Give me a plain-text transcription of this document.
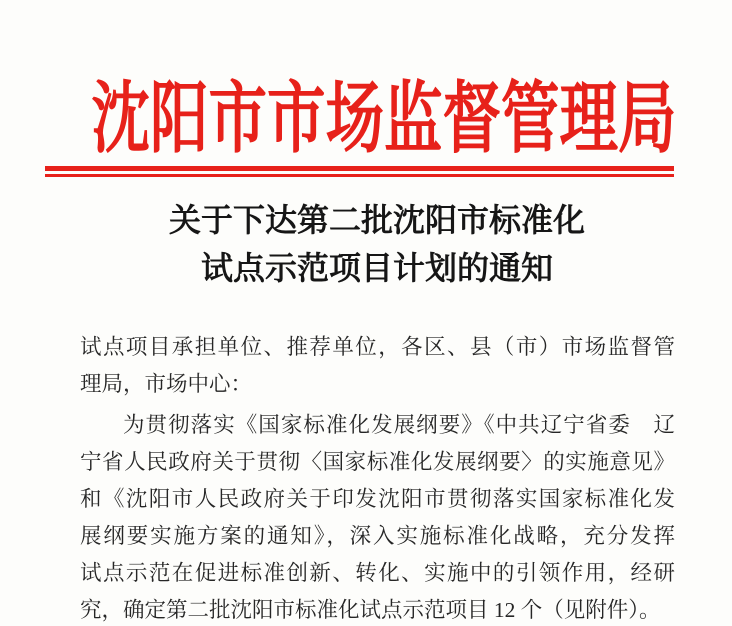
沈阳市市场监督管理局
关于下达第二批沈阳市标准化
试点示范项目计划的通知
试点项目承担单位、推荐单位，各区、县（市）市场监督管
理局，市场中心：
为贯彻落实《国家标准化发展纲要》《中共辽宁省委　辽
宁省人民政府关于贯彻〈国家标准化发展纲要〉的实施意见》
和《沈阳市人民政府关于印发沈阳市贯彻落实国家标准化发
展纲要实施方案的通知》，深入实施标准化战略，充分发挥
试点示范在促进标准创新、转化、实施中的引领作用，经研
究，确定第二批沈阳市标准化试点示范项目 12 个（见附件）。
